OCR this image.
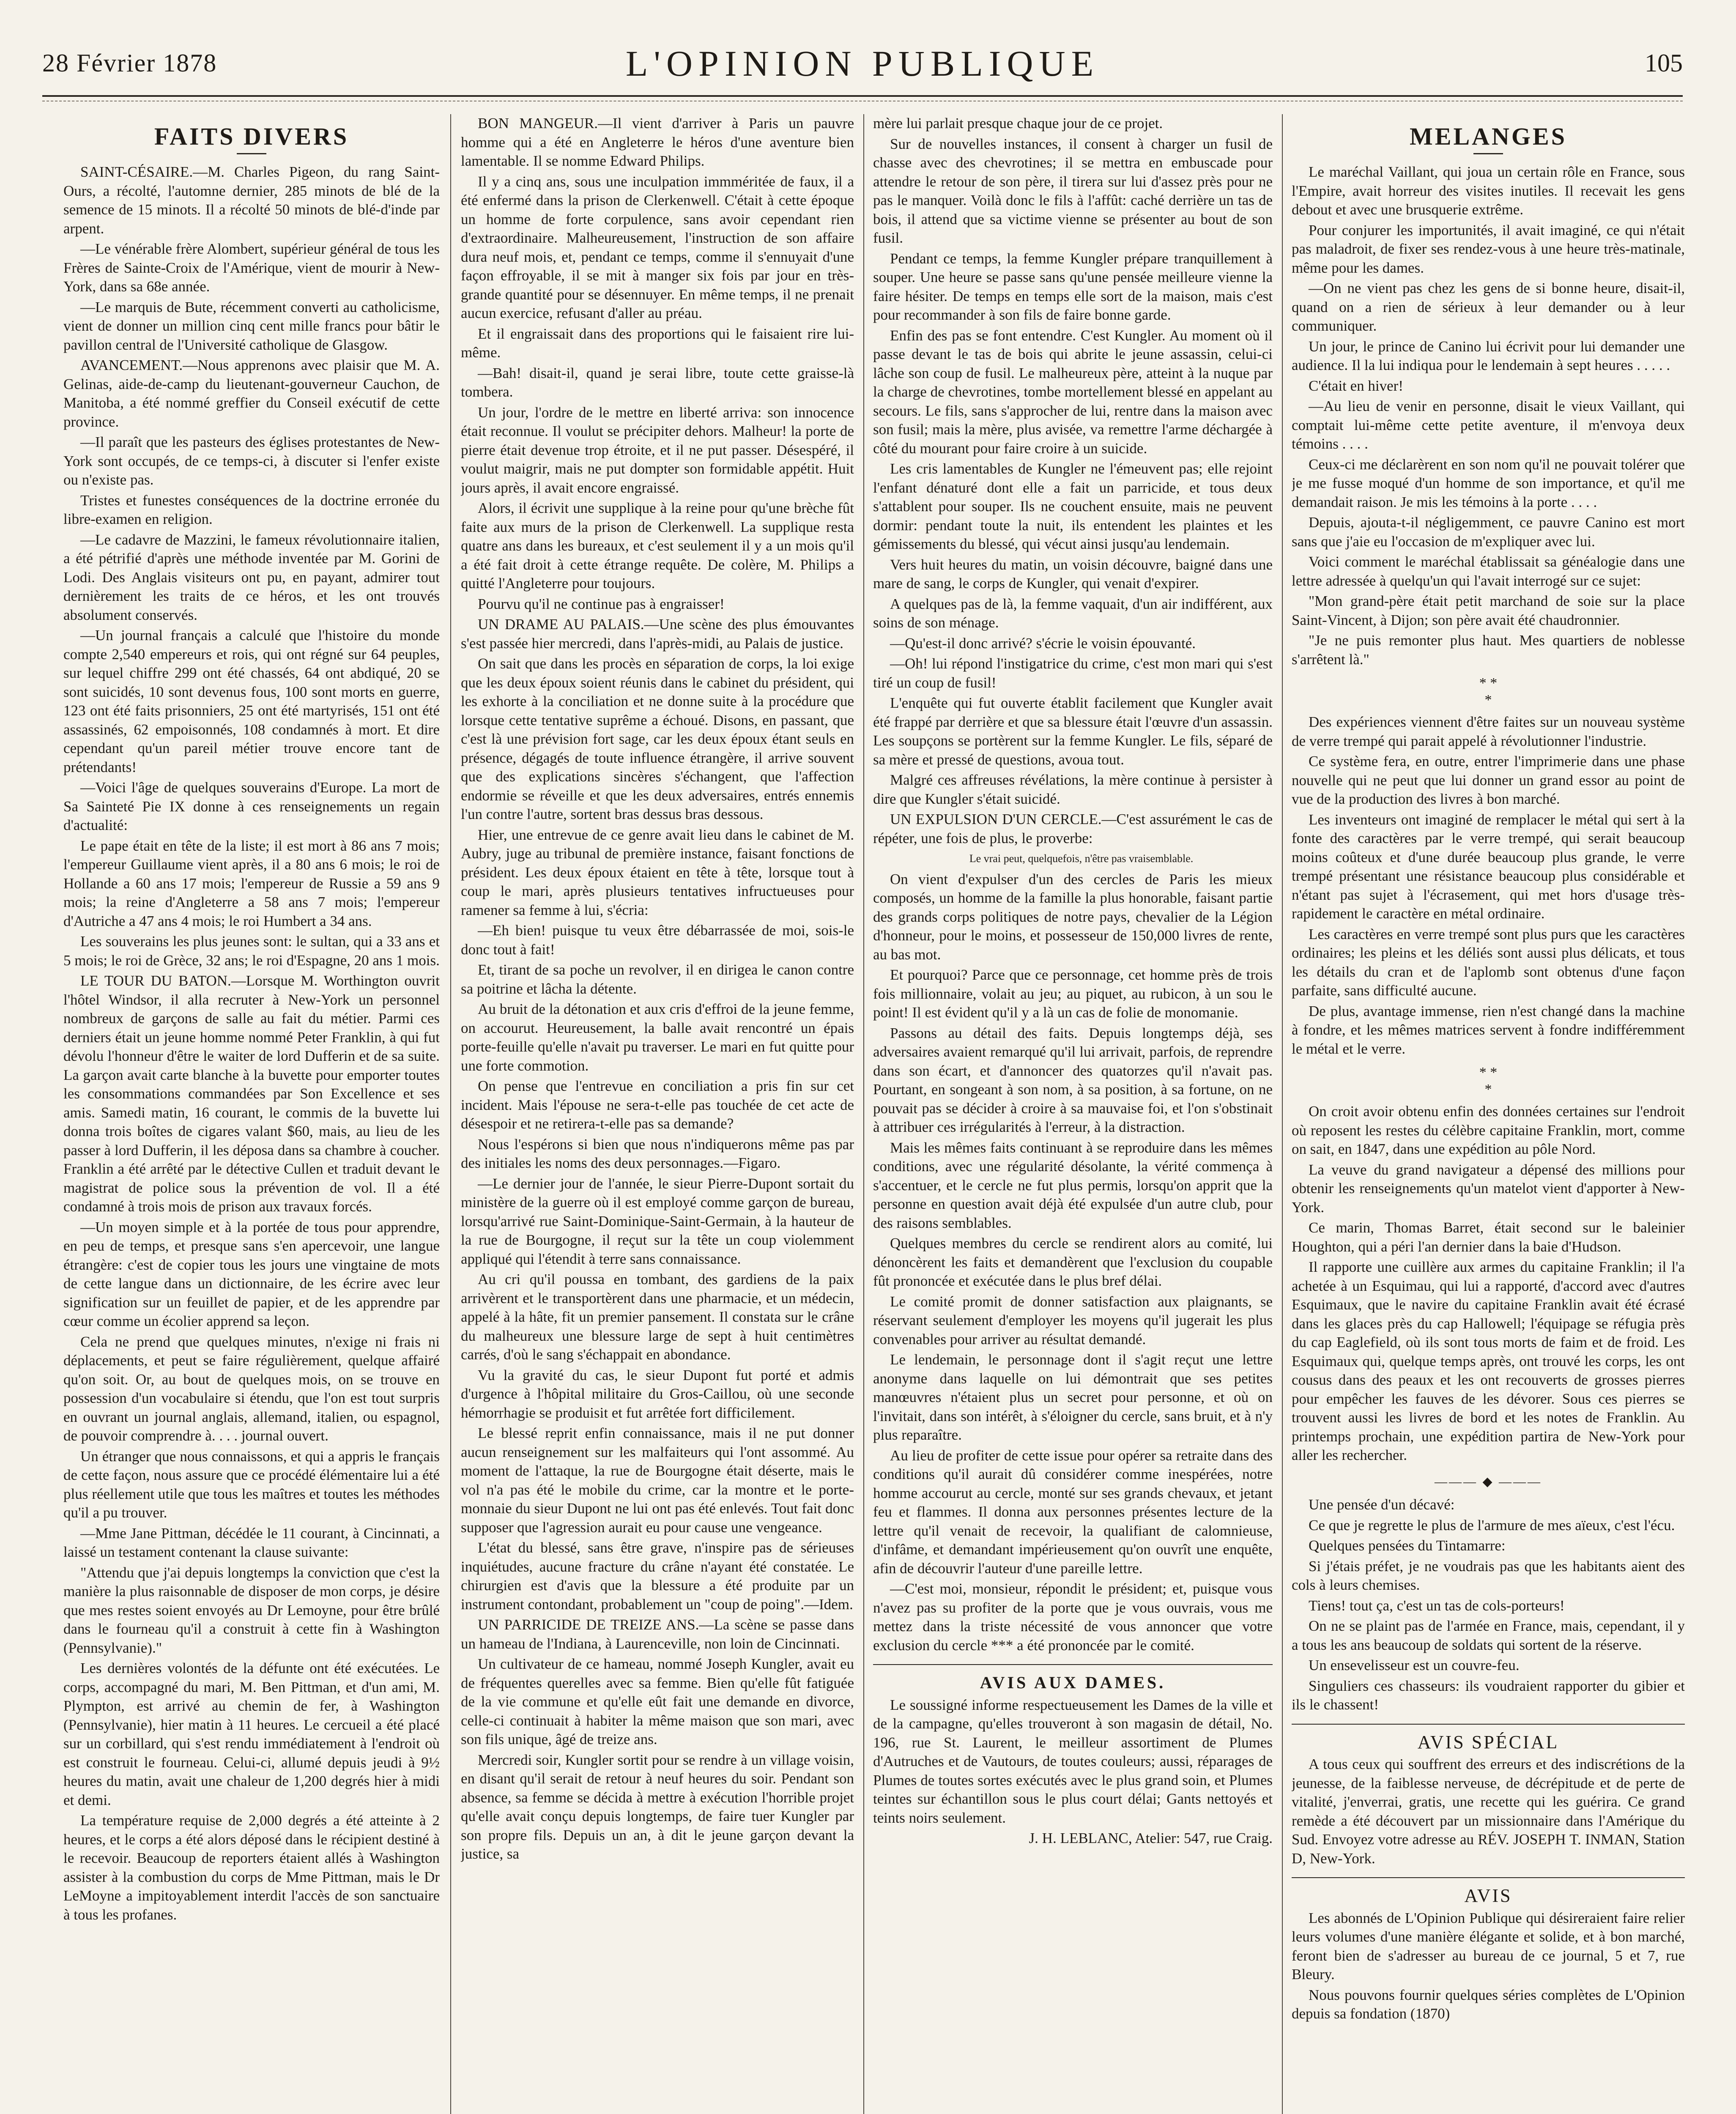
28 Février 1878	L'OPINION PUBLIQUE	105
FAITS DIVERS

SAINT-CÉSAIRE.—M. Charles Pigeon, du rang Saint-Ours, a récolté, l'automne dernier, 285 minots de blé de la semence de 15 minots. Il a récolté 50 minots de blé-d'inde par arpent.

—Le vénérable frère Alombert, supérieur général de tous les Frères de Sainte-Croix de l'Amérique, vient de mourir à New-York, dans sa 68e année.

—Le marquis de Bute, récemment converti au catholicisme, vient de donner un million cinq cent mille francs pour bâtir le pavillon central de l'Université catholique de Glasgow.

AVANCEMENT.—Nous apprenons avec plaisir que M. A. Gelinas, aide-de-camp du lieutenant-gouverneur Cauchon, de Manitoba, a été nommé greffier du Conseil exécutif de cette province.

—Il paraît que les pasteurs des églises protestantes de New-York sont occupés, de ce temps-ci, à discuter si l'enfer existe ou n'existe pas.

Tristes et funestes conséquences de la doctrine erronée du libre-examen en religion.

—Le cadavre de Mazzini, le fameux révolutionnaire italien, a été pétrifié d'après une méthode inventée par M. Gorini de Lodi. Des Anglais visiteurs ont pu, en payant, admirer tout dernièrement les traits de ce héros, et les ont trouvés absolument conservés.

—Un journal français a calculé que l'histoire du monde compte 2,540 empereurs et rois, qui ont régné sur 64 peuples, sur lequel chiffre 299 ont été chassés, 64 ont abdiqué, 20 se sont suicidés, 10 sont devenus fous, 100 sont morts en guerre, 123 ont été faits prisonniers, 25 ont été martyrisés, 151 ont été assassinés, 62 empoisonnés, 108 condamnés à mort. Et dire cependant qu'un pareil métier trouve encore tant de prétendants!

—Voici l'âge de quelques souverains d'Europe. La mort de Sa Sainteté Pie IX donne à ces renseignements un regain d'actualité:

Le pape était en tête de la liste; il est mort à 86 ans 7 mois; l'empereur Guillaume vient après, il a 80 ans 6 mois; le roi de Hollande a 60 ans 17 mois; l'empereur de Russie a 59 ans 9 mois; la reine d'Angleterre a 58 ans 7 mois; l'empereur d'Autriche a 47 ans 4 mois; le roi Humbert a 34 ans.

Les souverains les plus jeunes sont: le sultan, qui a 33 ans et 5 mois; le roi de Grèce, 32 ans; le roi d'Espagne, 20 ans 1 mois.

LE TOUR DU BATON.—Lorsque M. Worthington ouvrit l'hôtel Windsor, il alla recruter à New-York un personnel nombreux de garçons de salle au fait du métier. Parmi ces derniers était un jeune homme nommé Peter Franklin, à qui fut dévolu l'honneur d'être le waiter de lord Dufferin et de sa suite. La garçon avait carte blanche à la buvette pour emporter toutes les consommations commandées par Son Excellence et ses amis. Samedi matin, 16 courant, le commis de la buvette lui donna trois boîtes de cigares valant $60, mais, au lieu de les passer à lord Dufferin, il les déposa dans sa chambre à coucher. Franklin a été arrêté par le détective Cullen et traduit devant le magistrat de police sous la prévention de vol. Il a été condamné à trois mois de prison aux travaux forcés.

—Un moyen simple et à la portée de tous pour apprendre, en peu de temps, et presque sans s'en apercevoir, une langue étrangère: c'est de copier tous les jours une vingtaine de mots de cette langue dans un dictionnaire, de les écrire avec leur signification sur un feuillet de papier, et de les apprendre par cœur comme un écolier apprend sa leçon.

Cela ne prend que quelques minutes, n'exige ni frais ni déplacements, et peut se faire régulièrement, quelque affairé qu'on soit. Or, au bout de quelques mois, on se trouve en possession d'un vocabulaire si étendu, que l'on est tout surpris en ouvrant un journal anglais, allemand, italien, ou espagnol, de pouvoir comprendre à. . . . journal ouvert.

Un étranger que nous connaissons, et qui a appris le français de cette façon, nous assure que ce procédé élémentaire lui a été plus réellement utile que tous les maîtres et toutes les méthodes qu'il a pu trouver.

—Mme Jane Pittman, décédée le 11 courant, à Cincinnati, a laissé un testament contenant la clause suivante:

"Attendu que j'ai depuis longtemps la conviction que c'est la manière la plus raisonnable de disposer de mon corps, je désire que mes restes soient envoyés au Dr Lemoyne, pour être brûlé dans le fourneau qu'il a construit à cette fin à Washington (Pennsylvanie)."

Les dernières volontés de la défunte ont été exécutées. Le corps, accompagné du mari, M. Ben Pittman, et d'un ami, M. Plympton, est arrivé au chemin de fer, à Washington (Pennsylvanie), hier matin à 11 heures. Le cercueil a été placé sur un corbillard, qui s'est rendu immédiatement à l'endroit où est construit le fourneau. Celui-ci, allumé depuis jeudi à 9½ heures du matin, avait une chaleur de 1,200 degrés hier à midi et demi.

La température requise de 2,000 degrés a été atteinte à 2 heures, et le corps a été alors déposé dans le récipient destiné à le recevoir. Beaucoup de reporters étaient allés à Washington assister à la combustion du corps de Mme Pittman, mais le Dr LeMoyne a impitoyablement interdit l'accès de son sanctuaire à tous les profanes.

BON MANGEUR.—Il vient d'arriver à Paris un pauvre homme qui a été en Angleterre le héros d'une aventure bien lamentable. Il se nomme Edward Philips.

Il y a cinq ans, sous une inculpation immméritée de faux, il a été enfermé dans la prison de Clerkenwell. C'était à cette époque un homme de forte corpulence, sans avoir cependant rien d'extraordinaire. Malheureusement, l'instruction de son affaire dura neuf mois, et, pendant ce temps, comme il s'ennuyait d'une façon effroyable, il se mit à manger six fois par jour en très-grande quantité pour se désennuyer. En même temps, il ne prenait aucun exercice, refusant d'aller au préau.

Et il engraissait dans des proportions qui le faisaient rire lui-même.

—Bah! disait-il, quand je serai libre, toute cette graisse-là tombera.

Un jour, l'ordre de le mettre en liberté arriva: son innocence était reconnue. Il voulut se précipiter dehors. Malheur! la porte de pierre était devenue trop étroite, et il ne put passer. Désespéré, il voulut maigrir, mais ne put dompter son formidable appétit. Huit jours après, il avait encore engraissé.

Alors, il écrivit une supplique à la reine pour qu'une brèche fût faite aux murs de la prison de Clerkenwell. La supplique resta quatre ans dans les bureaux, et c'est seulement il y a un mois qu'il a été fait droit à cette étrange requête. De colère, M. Philips a quitté l'Angleterre pour toujours.

Pourvu qu'il ne continue pas à engraisser!

UN DRAME AU PALAIS.—Une scène des plus émouvantes s'est passée hier mercredi, dans l'après-midi, au Palais de justice.

On sait que dans les procès en séparation de corps, la loi exige que les deux époux soient réunis dans le cabinet du président, qui les exhorte à la conciliation et ne donne suite à la procédure que lorsque cette tentative suprême a échoué. Disons, en passant, que c'est là une prévision fort sage, car les deux époux étant seuls en présence, dégagés de toute influence étrangère, il arrive souvent que des explications sincères s'échangent, que l'affection endormie se réveille et que les deux adversaires, entrés ennemis l'un contre l'autre, sortent bras dessus bras dessous.

Hier, une entrevue de ce genre avait lieu dans le cabinet de M. Aubry, juge au tribunal de première instance, faisant fonctions de président. Les deux époux étaient en tête à tête, lorsque tout à coup le mari, après plusieurs tentatives infructueuses pour ramener sa femme à lui, s'écria:

—Eh bien! puisque tu veux être débarrassée de moi, sois-le donc tout à fait!

Et, tirant de sa poche un revolver, il en dirigea le canon contre sa poitrine et lâcha la détente.

Au bruit de la détonation et aux cris d'effroi de la jeune femme, on accourut. Heureusement, la balle avait rencontré un épais porte-feuille qu'elle n'avait pu traverser. Le mari en fut quitte pour une forte commotion.

On pense que l'entrevue en conciliation a pris fin sur cet incident. Mais l'épouse ne sera-t-elle pas touchée de cet acte de désespoir et ne retirera-t-elle pas sa demande?

Nous l'espérons si bien que nous n'indiquerons même pas par des initiales les noms des deux personnages.—Figaro.

—Le dernier jour de l'année, le sieur Pierre-Dupont sortait du ministère de la guerre où il est employé comme garçon de bureau, lorsqu'arrivé rue Saint-Dominique-Saint-Germain, à la hauteur de la rue de Bourgogne, il reçut sur la tête un coup violemment appliqué qui l'étendit à terre sans connaissance.

Au cri qu'il poussa en tombant, des gardiens de la paix arrivèrent et le transportèrent dans une pharmacie, et un médecin, appelé à la hâte, fit un premier pansement. Il constata sur le crâne du malheureux une blessure large de sept à huit centimètres carrés, d'où le sang s'échappait en abondance.

Vu la gravité du cas, le sieur Dupont fut porté et admis d'urgence à l'hôpital militaire du Gros-Caillou, où une seconde hémorrhagie se produisit et fut arrêtée fort difficilement.

Le blessé reprit enfin connaissance, mais il ne put donner aucun renseignement sur les malfaiteurs qui l'ont assommé. Au moment de l'attaque, la rue de Bourgogne était déserte, mais le vol n'a pas été le mobile du crime, car la montre et le porte-monnaie du sieur Dupont ne lui ont pas été enlevés. Tout fait donc supposer que l'agression aurait eu pour cause une vengeance.

L'état du blessé, sans être grave, n'inspire pas de sérieuses inquiétudes, aucune fracture du crâne n'ayant été constatée. Le chirurgien est d'avis que la blessure a été produite par un instrument contondant, probablement un "coup de poing".—Idem.

UN PARRICIDE DE TREIZE ANS.—La scène se passe dans un hameau de l'Indiana, à Laurenceville, non loin de Cincinnati.

Un cultivateur de ce hameau, nommé Joseph Kungler, avait eu de fréquentes querelles avec sa femme. Bien qu'elle fût fatiguée de la vie commune et qu'elle eût fait une demande en divorce, celle-ci continuait à habiter la même maison que son mari, avec son fils unique, âgé de treize ans.

Mercredi soir, Kungler sortit pour se rendre à un village voisin, en disant qu'il serait de retour à neuf heures du soir. Pendant son absence, sa femme se décida à mettre à exécution l'horrible projet qu'elle avait conçu depuis longtemps, de faire tuer Kungler par son propre fils. Depuis un an, à dit le jeune garçon devant la justice, sa

mère lui parlait presque chaque jour de ce projet.

Sur de nouvelles instances, il consent à charger un fusil de chasse avec des chevrotines; il se mettra en embuscade pour attendre le retour de son père, il tirera sur lui d'assez près pour ne pas le manquer. Voilà donc le fils à l'affût: caché derrière un tas de bois, il attend que sa victime vienne se présenter au bout de son fusil.

Pendant ce temps, la femme Kungler prépare tranquillement à souper. Une heure se passe sans qu'une pensée meilleure vienne la faire hésiter. De temps en temps elle sort de la maison, mais c'est pour recommander à son fils de faire bonne garde.

Enfin des pas se font entendre. C'est Kungler. Au moment où il passe devant le tas de bois qui abrite le jeune assassin, celui-ci lâche son coup de fusil. Le malheureux père, atteint à la nuque par la charge de chevrotines, tombe mortellement blessé en appelant au secours. Le fils, sans s'approcher de lui, rentre dans la maison avec son fusil; mais la mère, plus avisée, va remettre l'arme déchargée à côté du mourant pour faire croire à un suicide.

Les cris lamentables de Kungler ne l'émeuvent pas; elle rejoint l'enfant dénaturé dont elle a fait un parricide, et tous deux s'attablent pour souper. Ils ne couchent ensuite, mais ne peuvent dormir: pendant toute la nuit, ils entendent les plaintes et les gémissements du blessé, qui vécut ainsi jusqu'au lendemain.

Vers huit heures du matin, un voisin découvre, baigné dans une mare de sang, le corps de Kungler, qui venait d'expirer.

A quelques pas de là, la femme vaquait, d'un air indifférent, aux soins de son ménage.

—Qu'est-il donc arrivé? s'écrie le voisin épouvanté.

—Oh! lui répond l'instigatrice du crime, c'est mon mari qui s'est tiré un coup de fusil!

L'enquête qui fut ouverte établit facilement que Kungler avait été frappé par derrière et que sa blessure était l'œuvre d'un assassin. Les soupçons se portèrent sur la femme Kungler. Le fils, séparé de sa mère et pressé de questions, avoua tout.

Malgré ces affreuses révélations, la mère continue à persister à dire que Kungler s'était suicidé.

UN EXPULSION D'UN CERCLE.—C'est assurément le cas de répéter, une fois de plus, le proverbe:

Le vrai peut, quelquefois, n'être pas vraisemblable.

On vient d'expulser d'un des cercles de Paris les mieux composés, un homme de la famille la plus honorable, faisant partie des grands corps politiques de notre pays, chevalier de la Légion d'honneur, pour le moins, et possesseur de 150,000 livres de rente, au bas mot.

Et pourquoi? Parce que ce personnage, cet homme près de trois fois millionnaire, volait au jeu; au piquet, au rubicon, à un sou le point! Il est évident qu'il y a là un cas de folie de monomanie.

Passons au détail des faits. Depuis longtemps déjà, ses adversaires avaient remarqué qu'il lui arrivait, parfois, de reprendre dans son écart, et d'annoncer des quatorzes qu'il n'avait pas. Pourtant, en songeant à son nom, à sa position, à sa fortune, on ne pouvait pas se décider à croire à sa mauvaise foi, et l'on s'obstinait à attribuer ces irrégularités à l'erreur, à la distraction.

Mais les mêmes faits continuant à se reproduire dans les mêmes conditions, avec une régularité désolante, la vérité commença à s'accentuer, et le cercle ne fut plus permis, lorsqu'on apprit que la personne en question avait déjà été expulsée d'un autre club, pour des raisons semblables.

Quelques membres du cercle se rendirent alors au comité, lui dénoncèrent les faits et demandèrent que l'exclusion du coupable fût prononcée et exécutée dans le plus bref délai.

Le comité promit de donner satisfaction aux plaignants, se réservant seulement d'employer les moyens qu'il jugerait les plus convenables pour arriver au résultat demandé.

Le lendemain, le personnage dont il s'agit reçut une lettre anonyme dans laquelle on lui démontrait que ses petites manœuvres n'étaient plus un secret pour personne, et où on l'invitait, dans son intérêt, à s'éloigner du cercle, sans bruit, et à n'y plus reparaître.

Au lieu de profiter de cette issue pour opérer sa retraite dans des conditions qu'il aurait dû considérer comme inespérées, notre homme accourut au cercle, monté sur ses grands chevaux, et jetant feu et flammes. Il donna aux personnes présentes lecture de la lettre qu'il venait de recevoir, la qualifiant de calomnieuse, d'infâme, et demandant impérieusement qu'on ouvrît une enquête, afin de découvrir l'auteur d'une pareille lettre.

—C'est moi, monsieur, répondit le président; et, puisque vous n'avez pas su profiter de la porte que je vous ouvrais, vous me mettez dans la triste nécessité de vous annoncer que votre exclusion du cercle *** a été prononcée par le comité.

AVIS AUX DAMES.

Le soussigné informe respectueusement les Dames de la ville et de la campagne, qu'elles trouveront à son magasin de détail, No. 196, rue St. Laurent, le meilleur assortiment de Plumes d'Autruches et de Vautours, de toutes couleurs; aussi, réparages de Plumes de toutes sortes exécutés avec le plus grand soin, et Plumes teintes sur échantillon sous le plus court délai; Gants nettoyés et teints noirs seulement.

J. H. LEBLANC, Atelier: 547, rue Craig.

MELANGES

Le maréchal Vaillant, qui joua un certain rôle en France, sous l'Empire, avait horreur des visites inutiles. Il recevait les gens debout et avec une brusquerie extrême.

Pour conjurer les importunités, il avait imaginé, ce qui n'était pas maladroit, de fixer ses rendez-vous à une heure très-matinale, même pour les dames.

—On ne vient pas chez les gens de si bonne heure, disait-il, quand on a rien de sérieux à leur demander ou à leur communiquer.

Un jour, le prince de Canino lui écrivit pour lui demander une audience. Il la lui indiqua pour le lendemain à sept heures . . . . .

C'était en hiver!

—Au lieu de venir en personne, disait le vieux Vaillant, qui comptait lui-même cette petite aventure, il m'envoya deux témoins . . . .

Ceux-ci me déclarèrent en son nom qu'il ne pouvait tolérer que je me fusse moqué d'un homme de son importance, et qu'il me demandait raison. Je mis les témoins à la porte . . . .

Depuis, ajouta-t-il négligemment, ce pauvre Canino est mort sans que j'aie eu l'occasion de m'expliquer avec lui.

Voici comment le maréchal établissait sa généalogie dans une lettre adressée à quelqu'un qui l'avait interrogé sur ce sujet:

"Mon grand-père était petit marchand de soie sur la place Saint-Vincent, à Dijon; son père avait été chaudronnier.

"Je ne puis remonter plus haut. Mes quartiers de noblesse s'arrêtent là."

* *
*

Des expériences viennent d'être faites sur un nouveau système de verre trempé qui parait appelé à révolutionner l'industrie.

Ce système fera, en outre, entrer l'imprimerie dans une phase nouvelle qui ne peut que lui donner un grand essor au point de vue de la production des livres à bon marché.

Les inventeurs ont imaginé de remplacer le métal qui sert à la fonte des caractères par le verre trempé, qui serait beaucoup moins coûteux et d'une durée beaucoup plus grande, le verre trempé présentant une résistance beaucoup plus considérable et n'étant pas sujet à l'écrasement, qui met hors d'usage très-rapidement le caractère en métal ordinaire.

Les caractères en verre trempé sont plus purs que les caractères ordinaires; les pleins et les déliés sont aussi plus délicats, et tous les détails du cran et de l'aplomb sont obtenus d'une façon parfaite, sans difficulté aucune.

De plus, avantage immense, rien n'est changé dans la machine à fondre, et les mêmes matrices servent à fondre indifféremment le métal et le verre.

* *
*

On croit avoir obtenu enfin des données certaines sur l'endroit où reposent les restes du célèbre capitaine Franklin, mort, comme on sait, en 1847, dans une expédition au pôle Nord.

La veuve du grand navigateur a dépensé des millions pour obtenir les renseignements qu'un matelot vient d'apporter à New-York.

Ce marin, Thomas Barret, était second sur le baleinier Houghton, qui a péri l'an dernier dans la baie d'Hudson.

Il rapporte une cuillère aux armes du capitaine Franklin; il l'a achetée à un Esquimau, qui lui a rapporté, d'accord avec d'autres Esquimaux, que le navire du capitaine Franklin avait été écrasé dans les glaces près du cap Hallowell; l'équipage se réfugia près du cap Eaglefield, où ils sont tous morts de faim et de froid. Les Esquimaux qui, quelque temps après, ont trouvé les corps, les ont cousus dans des peaux et les ont recouverts de grosses pierres pour empêcher les fauves de les dévorer. Sous ces pierres se trouvent aussi les livres de bord et les notes de Franklin. Au printemps prochain, une expédition partira de New-York pour aller les rechercher.

——— ◆ ———

Une pensée d'un décavé:

Ce que je regrette le plus de l'armure de mes aïeux, c'est l'écu.

Quelques pensées du Tintamarre:

Si j'étais préfet, je ne voudrais pas que les habitants aient des cols à leurs chemises.

Tiens! tout ça, c'est un tas de cols-porteurs!

On ne se plaint pas de l'armée en France, mais, cependant, il y a tous les ans beaucoup de soldats qui sortent de la réserve.

Un ensevelisseur est un couvre-feu.

Singuliers ces chasseurs: ils voudraient rapporter du gibier et ils le chassent!

AVIS SPÉCIAL

A tous ceux qui souffrent des erreurs et des indiscrétions de la jeunesse, de la faiblesse nerveuse, de décrépitude et de perte de vitalité, j'enverrai, gratis, une recette qui les guérira. Ce grand remède a été découvert par un missionnaire dans l'Amérique du Sud. Envoyez votre adresse au RÉV. JOSEPH T. INMAN, Station D, New-York.

AVIS

Les abonnés de L'Opinion Publique qui désireraient faire relier leurs volumes d'une manière élégante et solide, et à bon marché, feront bien de s'adresser au bureau de ce journal, 5 et 7, rue Bleury.

Nous pouvons fournir quelques séries complètes de L'Opinion depuis sa fondation (1870)
